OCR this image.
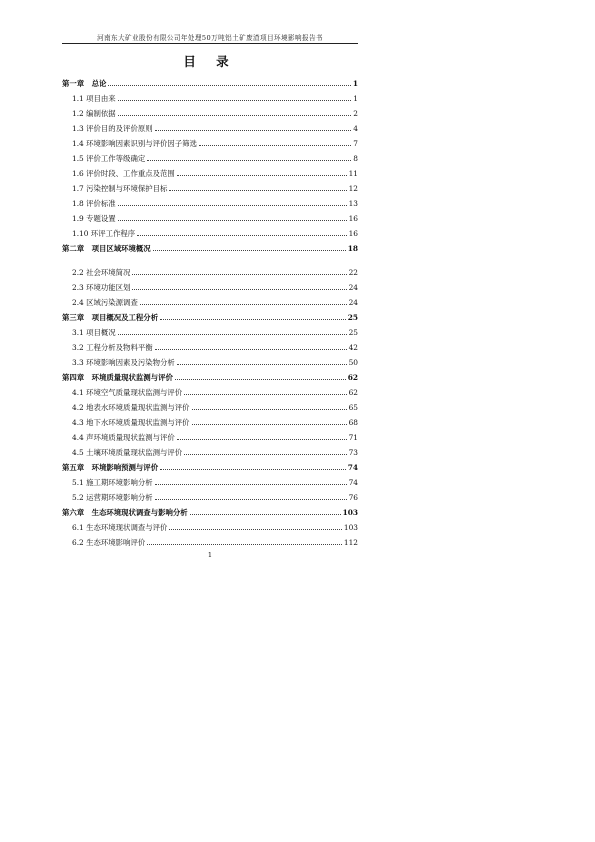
河南东大矿业股份有限公司年处理50万吨铝土矿废渣项目环境影响报告书
目 录
第一章　总论	1
1.1 项目由来	1
1.2 编制依据	2
1.3 评价目的及评价原则	4
1.4 环境影响因素识别与评价因子筛选	7
1.5 评价工作等级确定	8
1.6 评价时段、工作重点及范围	11
1.7 污染控制与环境保护目标	12
1.8 评价标准	13
1.9 专题设置	16
1.10 环评工作程序	16
第二章　项目区域环境概况	18
2.2 社会环境简况	22
2.3 环境功能区划	24
2.4 区域污染源调查	24
第三章　项目概况及工程分析	25
3.1 项目概况	25
3.2 工程分析及物料平衡	42
3.3 环境影响因素及污染物分析	50
第四章　环境质量现状监测与评价	62
4.1 环境空气质量现状监测与评价	62
4.2 地表水环境质量现状监测与评价	65
4.3 地下水环境质量现状监测与评价	68
4.4 声环境质量现状监测与评价	71
4.5 土壤环境质量现状监测与评价	73
第五章　环境影响预测与评价	74
5.1 施工期环境影响分析	74
5.2 运营期环境影响分析	76
第六章　生态环境现状调查与影响分析	103
6.1 生态环境现状调查与评价	103
6.2 生态环境影响评价	112
1
